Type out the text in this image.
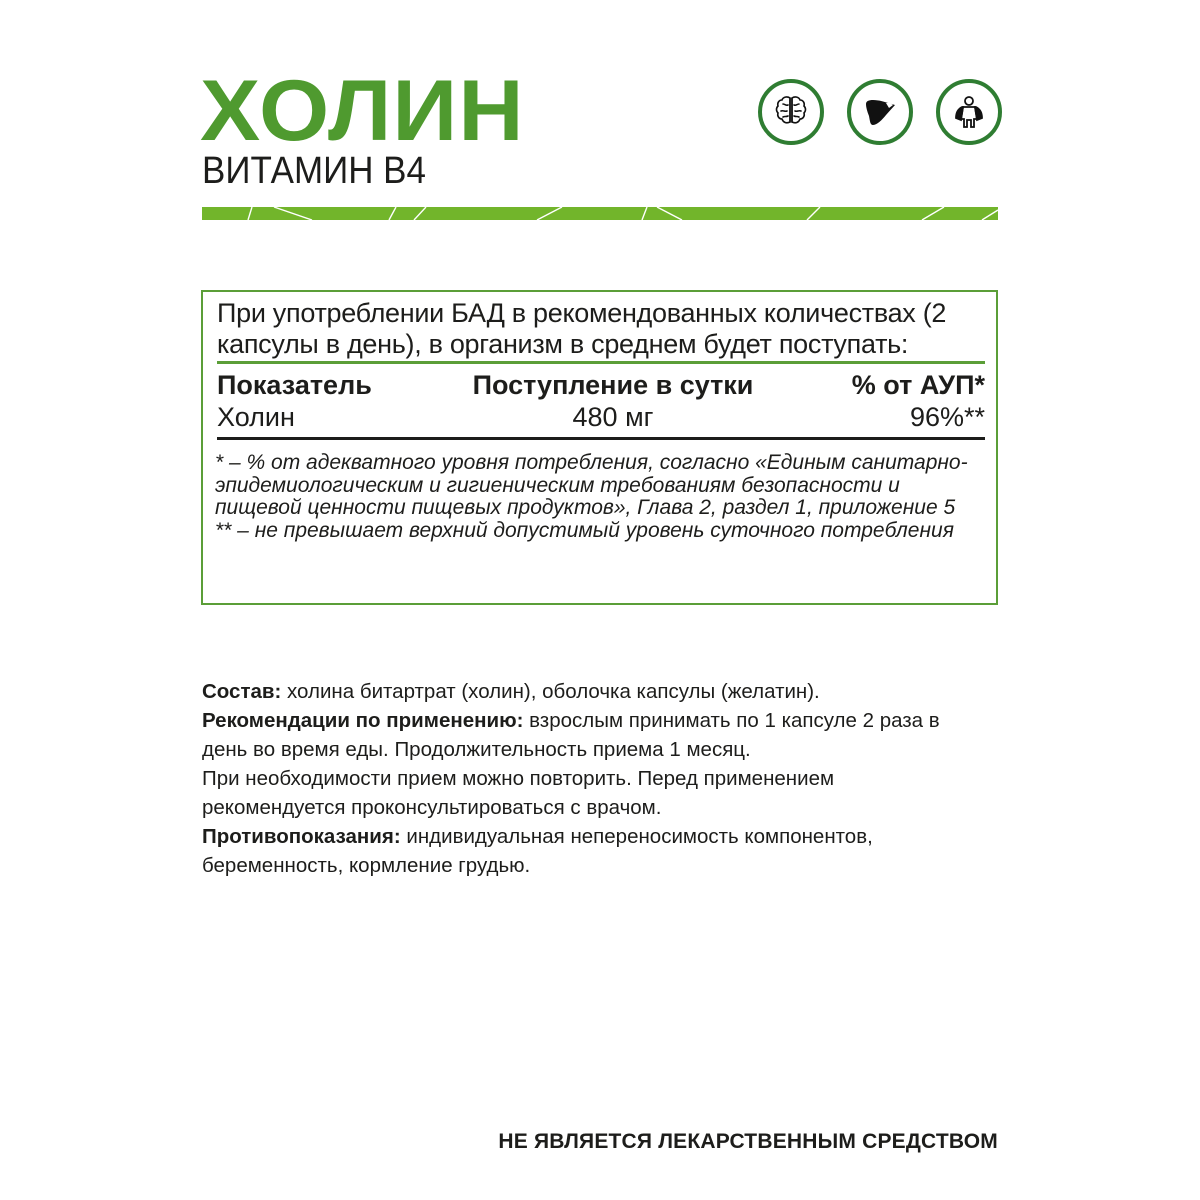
ХОЛИН
ВИТАМИН В4
При употреблении БАД в рекомендованных количествах (2 капсулы в день), в организм в среднем будет поступать:
Показатель	Поступление в сутки	% от АУП*
Холин	480 мг	96%**

* – % от адекватного уровня потребления, согласно «Единым санитарно-эпидемиологическим и гигиеническим требованиям безопасности и пищевой ценности пищевых продуктов», Глава 2, раздел 1, приложение 5

** – не превышает верхний допустимый уровень суточного потребления

Состав: холина битартрат (холин), оболочка капсулы (желатин).

Рекомендации по применению: взрослым принимать по 1 капсуле 2 раза в день во время еды. Продолжительность приема 1 месяц.

При необходимости прием можно повторить. Перед применением рекомендуется проконсультироваться с врачом.

Противопоказания: индивидуальная непереносимость компонентов, беременность, кормление грудью.

НЕ ЯВЛЯЕТСЯ ЛЕКАРСТВЕННЫМ СРЕДСТВОМ
